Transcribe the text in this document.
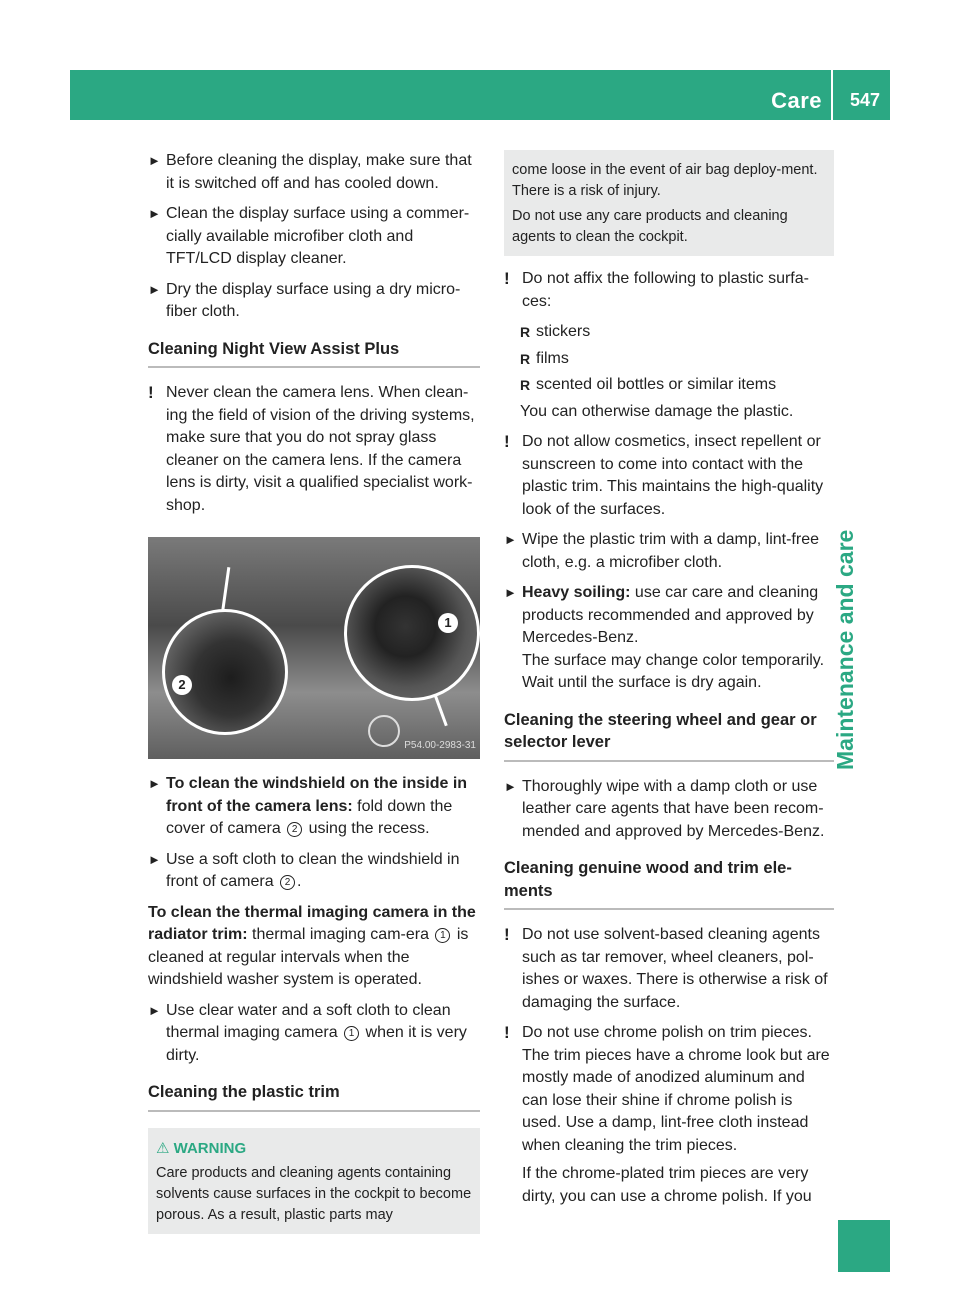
Care 547
Maintenance and care
► Before cleaning the display, make sure that it is switched off and has cooled down.
► Clean the display surface using a commer-cially available microfiber cloth and TFT/LCD display cleaner.
► Dry the display surface using a dry micro-fiber cloth.
Cleaning Night View Assist Plus
! Never clean the camera lens. When clean-ing the field of vision of the driving systems, make sure that you do not spray glass cleaner on the camera lens. If the camera lens is dirty, visit a qualified specialist work-shop.
1
2
P54.00-2983-31
► To clean the windshield on the inside in front of the camera lens: fold down the cover of camera 2 using the recess.
► Use a soft cloth to clean the windshield in front of camera 2 .
To clean the thermal imaging camera in the radiator trim: thermal imaging cam-era 1 is cleaned at regular intervals when the windshield washer system is operated.
► Use clear water and a soft cloth to clean thermal imaging camera 1 when it is very dirty.
Cleaning the plastic trim
⚠ WARNING
Care products and cleaning agents containing solvents cause surfaces in the cockpit to become porous. As a result, plastic parts may
come loose in the event of air bag deploy-ment. There is a risk of injury.
Do not use any care products and cleaning agents to clean the cockpit.
! Do not affix the following to plastic surfa-ces:
R stickers
R films
R scented oil bottles or similar items
You can otherwise damage the plastic.
! Do not allow cosmetics, insect repellent or sunscreen to come into contact with the plastic trim. This maintains the high-quality look of the surfaces.
► Wipe the plastic trim with a damp, lint-free cloth, e.g. a microfiber cloth.
► Heavy soiling: use car care and cleaning products recommended and approved by Mercedes-Benz.
The surface may change color temporarily. Wait until the surface is dry again.
Cleaning the steering wheel and gear or selector lever
► Thoroughly wipe with a damp cloth or use leather care agents that have been recom-mended and approved by Mercedes-Benz.
Cleaning genuine wood and trim ele-ments
! Do not use solvent-based cleaning agents such as tar remover, wheel cleaners, pol-ishes or waxes. There is otherwise a risk of damaging the surface.
! Do not use chrome polish on trim pieces. The trim pieces have a chrome look but are mostly made of anodized aluminum and can lose their shine if chrome polish is used. Use a damp, lint-free cloth instead when cleaning the trim pieces.
If the chrome-plated trim pieces are very dirty, you can use a chrome polish. If you
